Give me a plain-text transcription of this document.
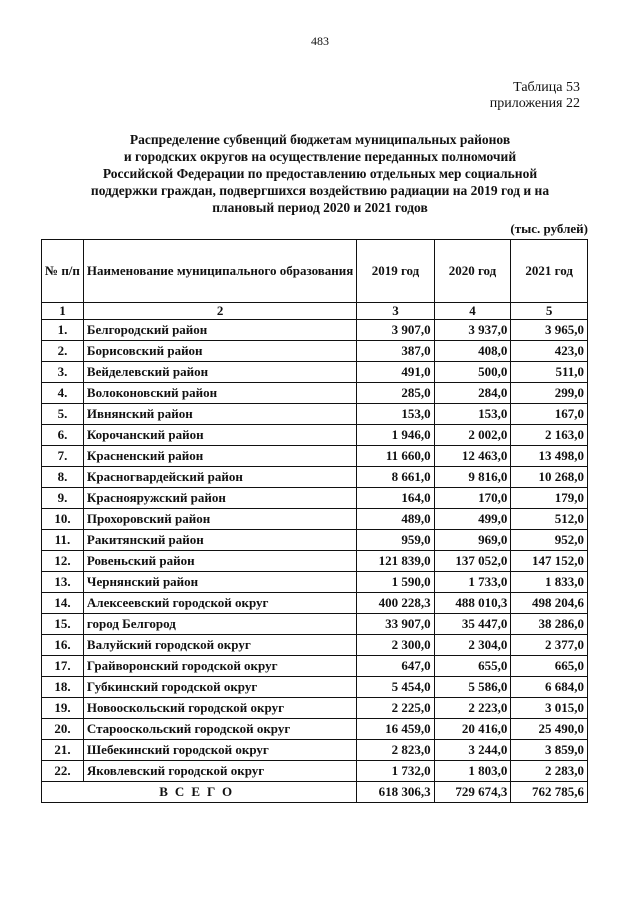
483
Таблица 53
приложения 22
Распределение субвенций бюджетам муниципальных районов
и городских округов на осуществление переданных полномочий
Российской Федерации по предоставлению отдельных мер социальной
поддержки граждан, подвергшихся воздействию радиации на 2019 год и на
плановый период 2020 и 2021 годов
(тыс. рублей)
№ п/п	Наименование муниципального образования	2019 год	2020 год	2021 год
1	2	3	4	5
1.	Белгородский район	3 907,0	3 937,0	3 965,0
2.	Борисовский район	387,0	408,0	423,0
3.	Вейделевский район	491,0	500,0	511,0
4.	Волоконовский район	285,0	284,0	299,0
5.	Ивнянский район	153,0	153,0	167,0
6.	Корочанский район	1 946,0	2 002,0	2 163,0
7.	Красненский район	11 660,0	12 463,0	13 498,0
8.	Красногвардейский район	8 661,0	9 816,0	10 268,0
9.	Краснояружский район	164,0	170,0	179,0
10.	Прохоровский район	489,0	499,0	512,0
11.	Ракитянский район	959,0	969,0	952,0
12.	Ровеньский район	121 839,0	137 052,0	147 152,0
13.	Чернянский район	1 590,0	1 733,0	1 833,0
14.	Алексеевский городской округ	400 228,3	488 010,3	498 204,6
15.	город Белгород	33 907,0	35 447,0	38 286,0
16.	Валуйский городской округ	2 300,0	2 304,0	2 377,0
17.	Грайворонский городской округ	647,0	655,0	665,0
18.	Губкинский городской округ	5 454,0	5 586,0	6 684,0
19.	Новооскольский городской округ	2 225,0	2 223,0	3 015,0
20.	Старооскольский городской округ	16 459,0	20 416,0	25 490,0
21.	Шебекинский городской округ	2 823,0	3 244,0	3 859,0
22.	Яковлевский городской округ	1 732,0	1 803,0	2 283,0
ВСЕГО		618 306,3	729 674,3	762 785,6
